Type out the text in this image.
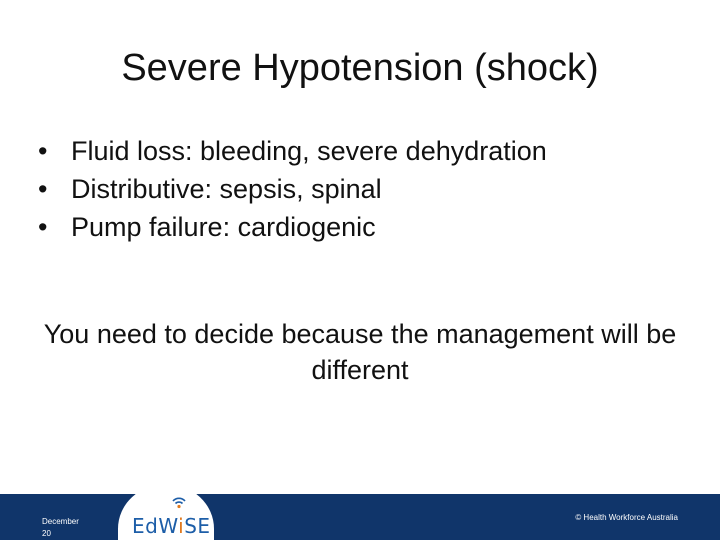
Severe Hypotension (shock)
• Fluid loss: bleeding, severe dehydration
• Distributive: sepsis, spinal
• Pump failure: cardiogenic
You need to decide because the management will be different
December 20
© Health Workforce Australia
EdWiSE
